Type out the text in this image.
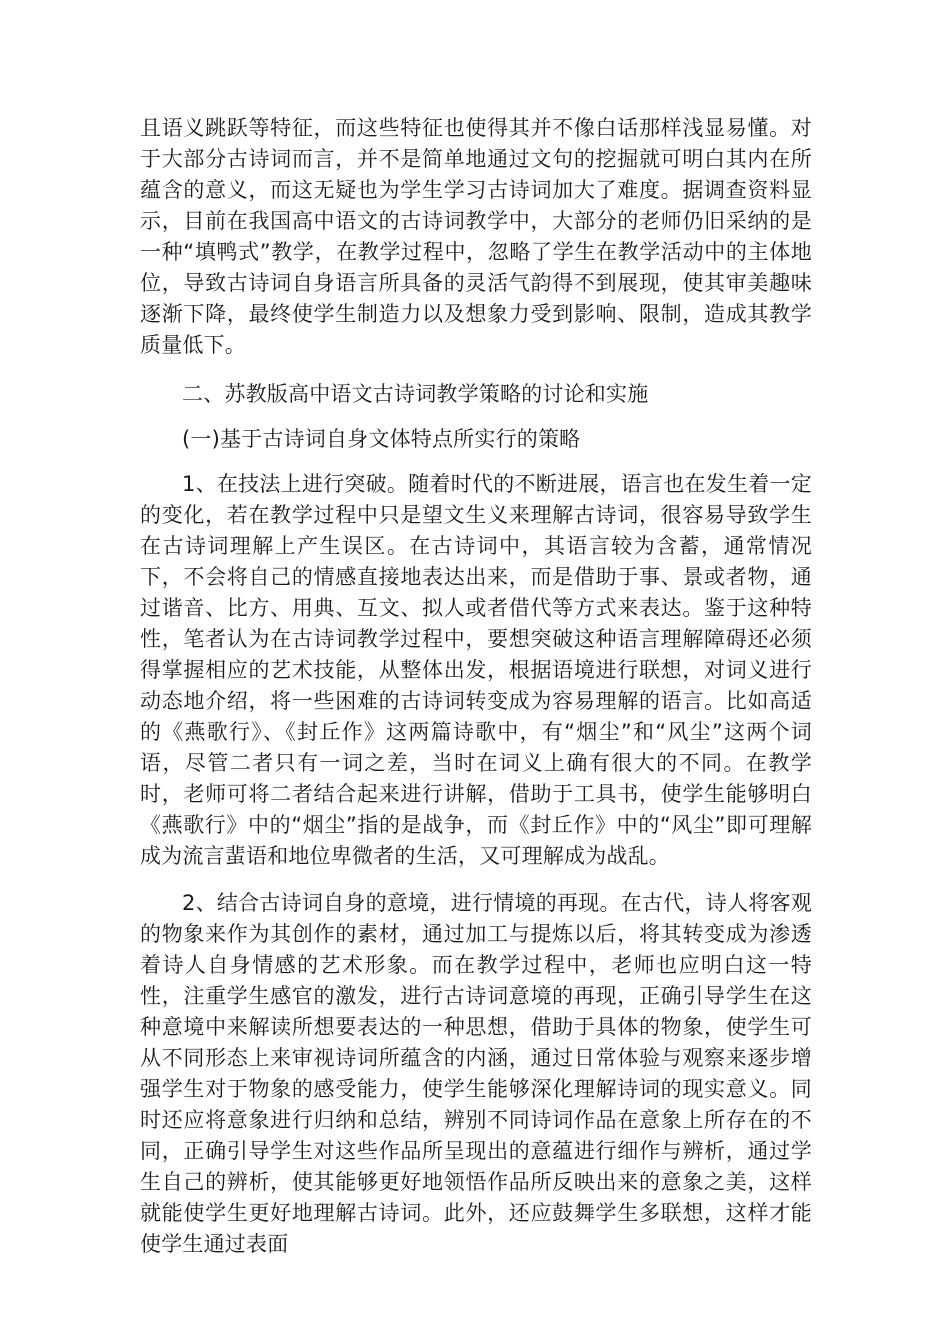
且语义跳跃等特征，而这些特征也使得其并不像白话那样浅显易懂。对于大部分古诗词而言，并不是简单地通过文句的挖掘就可明白其内在所蕴含的意义，而这无疑也为学生学习古诗词加大了难度。据调查资料显示，目前在我国高中语文的古诗词教学中，大部分的老师仍旧采纳的是一种“填鸭式”教学，在教学过程中，忽略了学生在教学活动中的主体地位，导致古诗词自身语言所具备的灵活气韵得不到展现，使其审美趣味逐渐下降，最终使学生制造力以及想象力受到影响、限制，造成其教学质量低下。

二、苏教版高中语文古诗词教学策略的讨论和实施

(一)基于古诗词自身文体特点所实行的策略

1、在技法上进行突破。随着时代的不断进展，语言也在发生着一定的变化，若在教学过程中只是望文生义来理解古诗词，很容易导致学生在古诗词理解上产生误区。在古诗词中，其语言较为含蓄，通常情况下，不会将自己的情感直接地表达出来，而是借助于事、景或者物，通过谐音、比方、用典、互文、拟人或者借代等方式来表达。鉴于这种特性，笔者认为在古诗词教学过程中，要想突破这种语言理解障碍还必须得掌握相应的艺术技能，从整体出发，根据语境进行联想，对词义进行动态地介绍，将一些困难的古诗词转变成为容易理解的语言。比如高适的《燕歌行》、《封丘作》这两篇诗歌中，有“烟尘”和“风尘”这两个词语，尽管二者只有一词之差，当时在词义上确有很大的不同。在教学时，老师可将二者结合起来进行讲解，借助于工具书，使学生能够明白《燕歌行》中的“烟尘”指的是战争，而《封丘作》中的“风尘”即可理解成为流言蜚语和地位卑微者的生活，又可理解成为战乱。

2、结合古诗词自身的意境，进行情境的再现。在古代，诗人将客观的物象来作为其创作的素材，通过加工与提炼以后，将其转变成为渗透着诗人自身情感的艺术形象。而在教学过程中，老师也应明白这一特性，注重学生感官的激发，进行古诗词意境的再现，正确引导学生在这种意境中来解读所想要表达的一种思想，借助于具体的物象，使学生可从不同形态上来审视诗词所蕴含的内涵，通过日常体验与观察来逐步增强学生对于物象的感受能力，使学生能够深化理解诗词的现实意义。同时还应将意象进行归纳和总结，辨别不同诗词作品在意象上所存在的不同，正确引导学生对这些作品所呈现出的意蕴进行细作与辨析，通过学生自己的辨析，使其能够更好地领悟作品所反映出来的意象之美，这样就能使学生更好地理解古诗词。此外，还应鼓舞学生多联想，这样才能使学生通过表面
